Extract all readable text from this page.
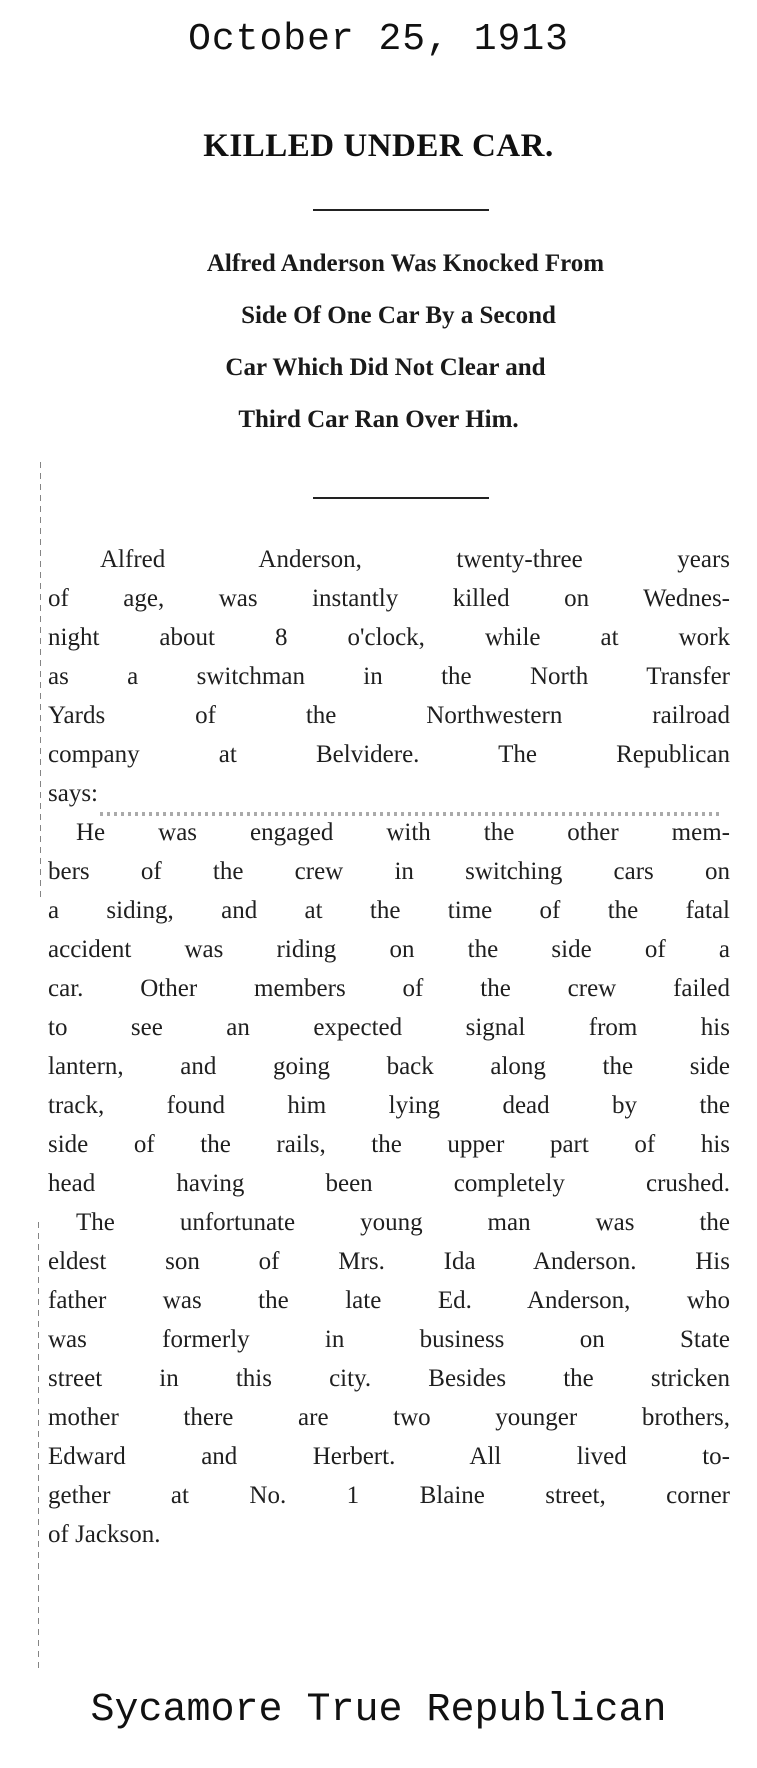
October 25, 1913
KILLED UNDER CAR.
Alfred Anderson Was Knocked From
Side Of One Car By a Second
Car Which Did Not Clear and
Third Car Ran Over Him.
Alfred Anderson, twenty-three years
of age, was instantly killed on Wednes-
night about 8 o'clock, while at work
as a switchman in the North Transfer
Yards of the Northwestern railroad
company at Belvidere. The Republican
says:
He was engaged with the other mem-
bers of the crew in switching cars on
a siding, and at the time of the fatal
accident was riding on the side of a
car. Other members of the crew failed
to see an expected signal from his
lantern, and going back along the side
track, found him lying dead by the
side of the rails, the upper part of his
head having been completely crushed.
The unfortunate young man was the
eldest son of Mrs. Ida Anderson. His
father was the late Ed. Anderson, who
was formerly in business on State
street in this city. Besides the stricken
mother there are two younger brothers,
Edward and Herbert. All lived to-
gether at No. 1 Blaine street, corner
of Jackson.
Sycamore True Republican
